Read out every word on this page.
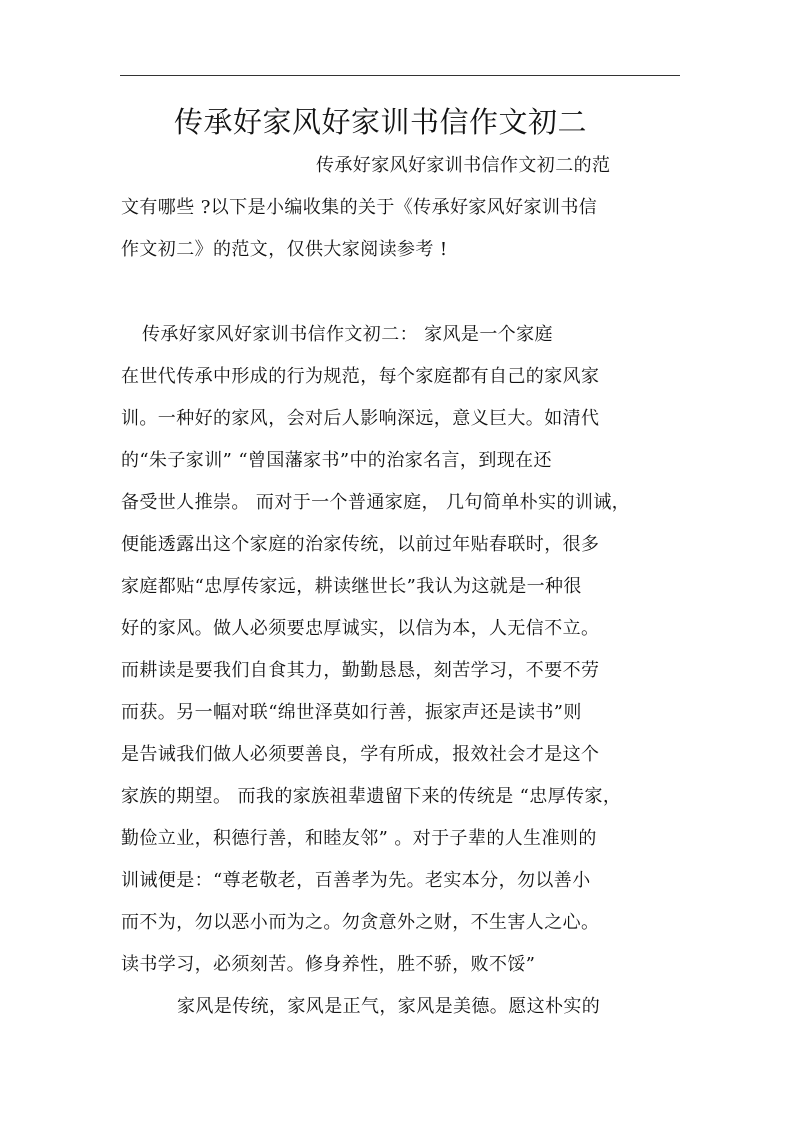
传承好家风好家训书信作文初二
传承好家风好家训书信作文初二的范
文有哪些 ?以下是小编收集的关于《传承好家风好家训书信
作文初二》的范文，仅供大家阅读参考 !
传承好家风好家训书信作文初二： 家风是一个家庭
在世代传承中形成的行为规范，每个家庭都有自己的家风家
训。一种好的家风，会对后人影响深远，意义巨大。如清代
的“朱子家训” “曾国藩家书”中的治家名言，到现在还
备受世人推崇。 而对于一个普通家庭， 几句简单朴实的训诫，
便能透露出这个家庭的治家传统，以前过年贴春联时，很多
家庭都贴“忠厚传家远，耕读继世长”我认为这就是一种很
好的家风。做人必须要忠厚诚实，以信为本，人无信不立。
而耕读是要我们自食其力，勤勤恳恳，刻苦学习，不要不劳
而获。另一幅对联“绵世泽莫如行善，振家声还是读书”则
是告诫我们做人必须要善良，学有所成，报效社会才是这个
家族的期望。 而我的家族祖辈遗留下来的传统是 “忠厚传家，
勤俭立业，积德行善，和睦友邻” 。对于子辈的人生准则的
训诫便是：“尊老敬老，百善孝为先。老实本分，勿以善小
而不为，勿以恶小而为之。勿贪意外之财，不生害人之心。
读书学习，必须刻苦。修身养性，胜不骄，败不馁”
家风是传统，家风是正气，家风是美德。愿这朴实的
